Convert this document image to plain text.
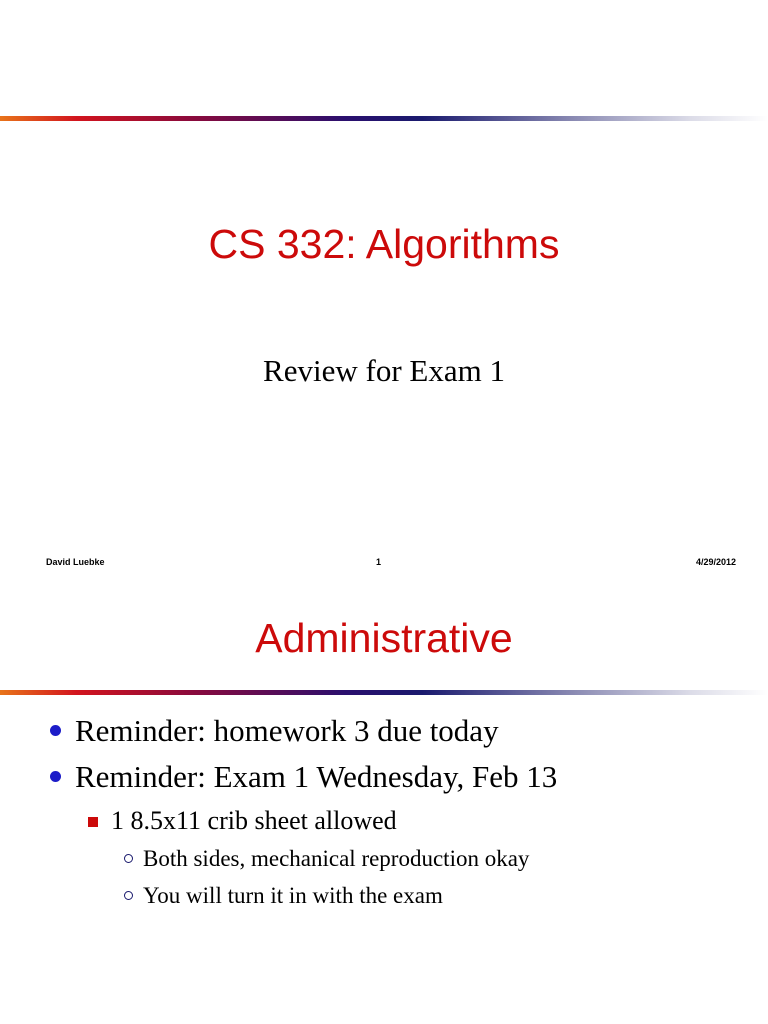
CS 332: Algorithms
Review for Exam 1
David Luebke	1	4/29/2012
Administrative
Reminder: homework 3 due today
Reminder: Exam 1 Wednesday, Feb 13
1 8.5x11 crib sheet allowed
Both sides, mechanical reproduction okay
You will turn it in with the exam
